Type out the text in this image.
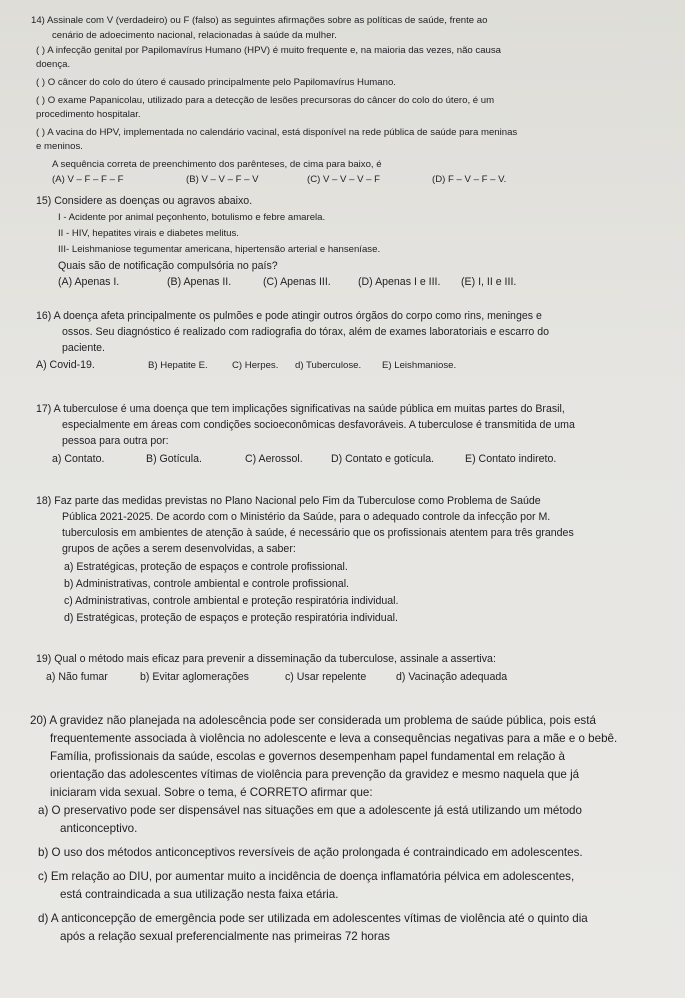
14) Assinale com V (verdadeiro) ou F (falso) as seguintes afirmações sobre as políticas de saúde, frente ao
cenário de adoecimento nacional, relacionadas à saúde da mulher.
( ) A infecção genital por Papilomavírus Humano (HPV) é muito frequente e, na maioria das vezes, não causa
doença.
( ) O câncer do colo do útero é causado principalmente pelo Papilomavírus Humano.
( ) O exame Papanicolau, utilizado para a detecção de lesões precursoras do câncer do colo do útero, é um
procedimento hospitalar.
( ) A vacina do HPV, implementada no calendário vacinal, está disponível na rede pública de saúde para meninas
e meninos.
A sequência correta de preenchimento dos parênteses, de cima para baixo, é
(A) V – F – F – F	(B) V – V – F – V	(C) V – V – V – F	(D) F – V – F – V.
15) Considere as doenças ou agravos abaixo.
I - Acidente por animal peçonhento, botulismo e febre amarela.
II - HIV, hepatites virais e diabetes melitus.
III- Leishmaniose tegumentar americana, hipertensão arterial e hanseníase.
Quais são de notificação compulsória no país?
(A) Apenas I.	(B) Apenas II.	(C) Apenas III.	(D) Apenas I e III. (E) I, II e III.
16) A doença afeta principalmente os pulmões e pode atingir outros órgãos do corpo como rins, meninges e
ossos. Seu diagnóstico é realizado com radiografia do tórax, além de exames laboratoriais e escarro do
paciente.
A) Covid-19.	B) Hepatite E.	C) Herpes. d) Tuberculose. E) Leishmaniose.
17) A tuberculose é uma doença que tem implicações significativas na saúde pública em muitas partes do Brasil,
especialmente em áreas com condições socioeconômicas desfavoráveis. A tuberculose é transmitida de uma
pessoa para outra por:
a) Contato.	B) Gotícula.	C) Aerossol.	D) Contato e gotícula.	E) Contato indireto.
18) Faz parte das medidas previstas no Plano Nacional pelo Fim da Tuberculose como Problema de Saúde
Pública 2021-2025. De acordo com o Ministério da Saúde, para o adequado controle da infecção por M.
tuberculosis em ambientes de atenção à saúde, é necessário que os profissionais atentem para três grandes
grupos de ações a serem desenvolvidas, a saber:
a) Estratégicas, proteção de espaços e controle profissional.
b) Administrativas, controle ambiental e controle profissional.
c) Administrativas, controle ambiental e proteção respiratória individual.
d) Estratégicas, proteção de espaços e proteção respiratória individual.
19) Qual o método mais eficaz para prevenir a disseminação da tuberculose, assinale a assertiva:
a) Não fumar	b) Evitar aglomerações	c) Usar repelente	d) Vacinação adequada
20) A gravidez não planejada na adolescência pode ser considerada um problema de saúde pública, pois está
frequentemente associada à violência no adolescente e leva a consequências negativas para a mãe e o bebê.
Família, profissionais da saúde, escolas e governos desempenham papel fundamental em relação à
orientação das adolescentes vítimas de violência para prevenção da gravidez e mesmo naquela que já
iniciaram vida sexual. Sobre o tema, é CORRETO afirmar que:
a) O preservativo pode ser dispensável nas situações em que a adolescente já está utilizando um método
anticonceptivo.
b) O uso dos métodos anticonceptivos reversíveis de ação prolongada é contraindicado em adolescentes.
c) Em relação ao DIU, por aumentar muito a incidência de doença inflamatória pélvica em adolescentes,
está contraindicada a sua utilização nesta faixa etária.
d) A anticoncepção de emergência pode ser utilizada em adolescentes vítimas de violência até o quinto dia
após a relação sexual preferencialmente nas primeiras 72 horas
